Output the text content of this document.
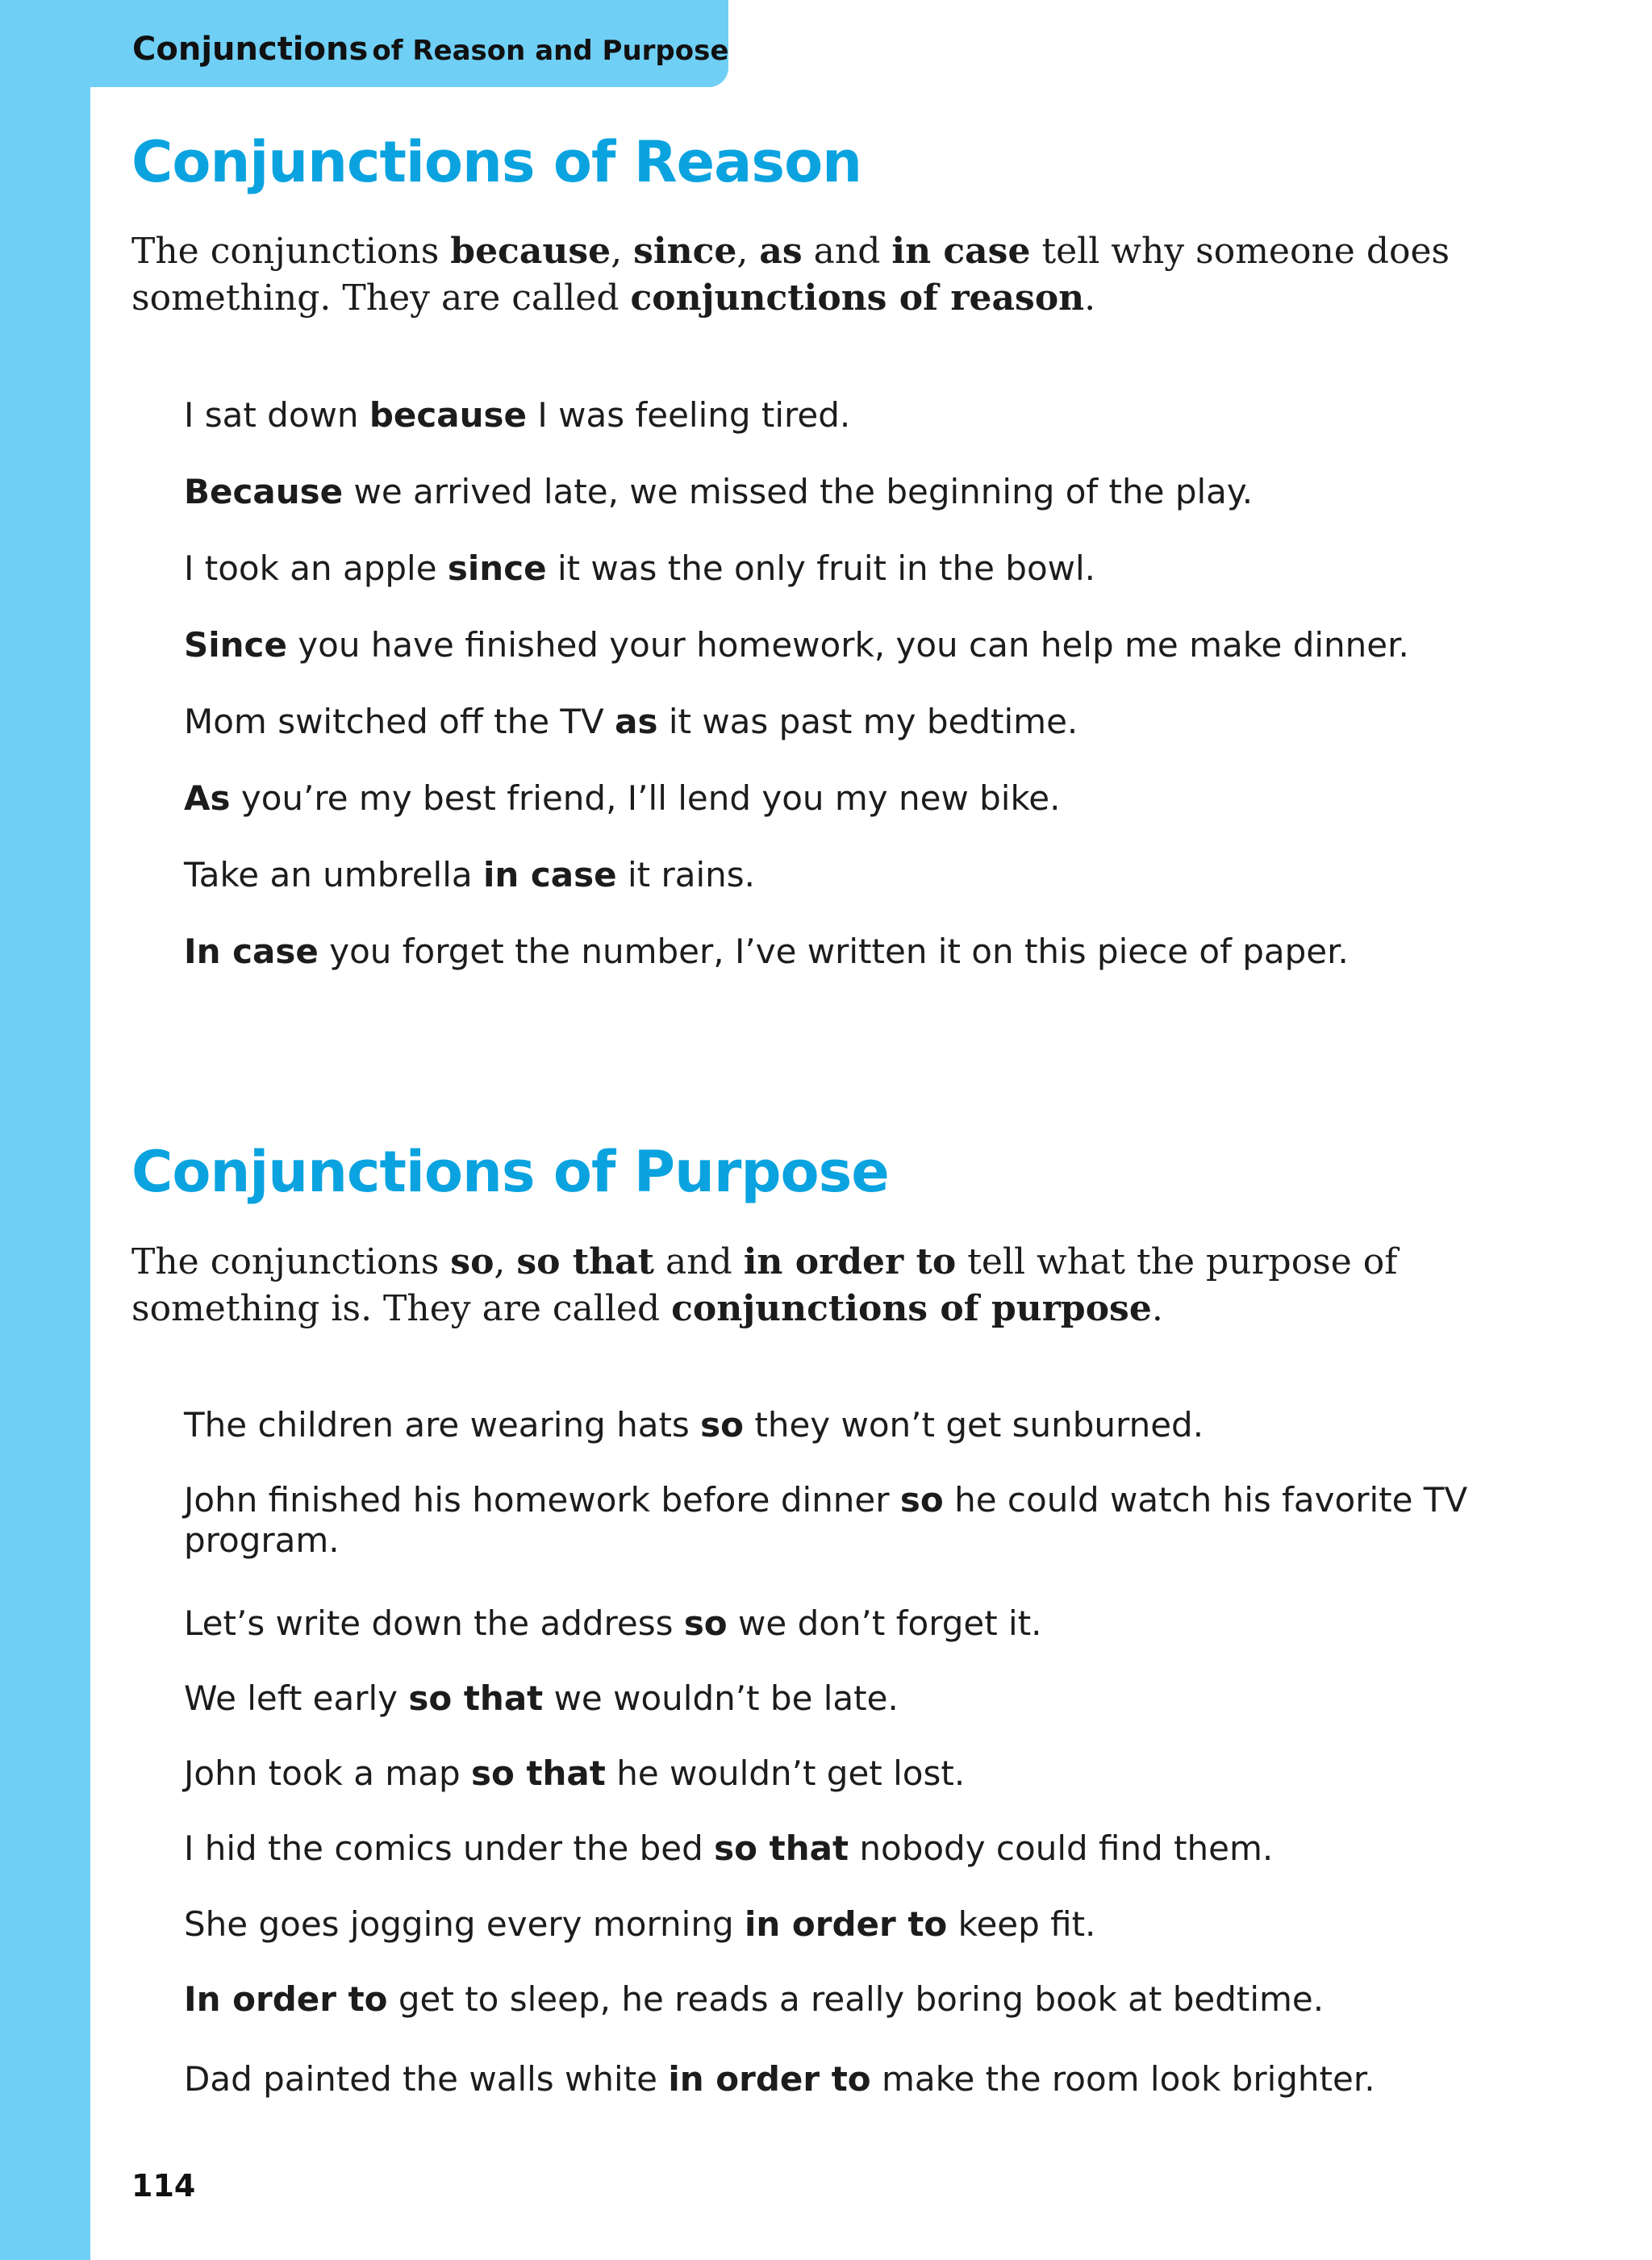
Conjunctions of Reason and Purpose
Conjunctions of Reason

The conjunctions because, since, as and in case tell why someone does something. They are called conjunctions of reason.

I sat down because I was feeling tired.

Because we arrived late, we missed the beginning of the play.

I took an apple since it was the only fruit in the bowl.

Since you have finished your homework, you can help me make dinner.

Mom switched off the TV as it was past my bedtime.

As you’re my best friend, I’ll lend you my new bike.

Take an umbrella in case it rains.

In case you forget the number, I’ve written it on this piece of paper.

Conjunctions of Purpose

The conjunctions so, so that and in order to tell what the purpose of something is. They are called conjunctions of purpose.

The children are wearing hats so they won’t get sunburned.

John finished his homework before dinner so he could watch his favorite TV program.

Let’s write down the address so we don’t forget it.

We left early so that we wouldn’t be late.

John took a map so that he wouldn’t get lost.

I hid the comics under the bed so that nobody could find them.

She goes jogging every morning in order to keep fit.

In order to get to sleep, he reads a really boring book at bedtime.

Dad painted the walls white in order to make the room look brighter.

114
